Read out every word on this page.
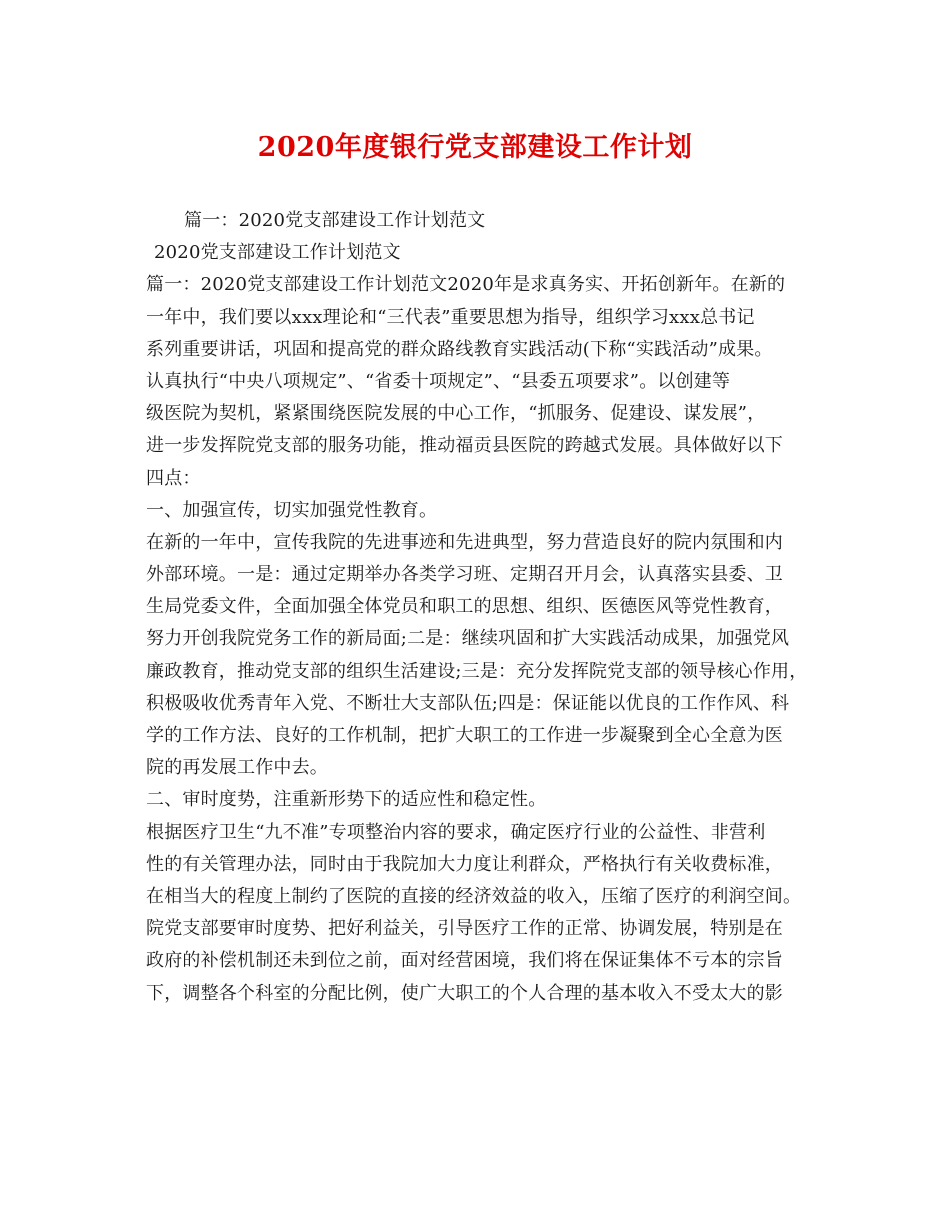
2020年度银行党支部建设工作计划
篇一：2020党支部建设工作计划范文
2020党支部建设工作计划范文
篇一：2020党支部建设工作计划范文2020年是求真务实、开拓创新年。在新的
一年中，我们要以xxx理论和“三代表”重要思想为指导，组织学习xxx总书记
系列重要讲话，巩固和提高党的群众路线教育实践活动(下称“实践活动”成果。
认真执行“中央八项规定”、“省委十项规定”、“县委五项要求”。以创建等
级医院为契机，紧紧围绕医院发展的中心工作，“抓服务、促建设、谋发展”，
进一步发挥院党支部的服务功能，推动福贡县医院的跨越式发展。具体做好以下
四点：
一、加强宣传，切实加强党性教育。
在新的一年中，宣传我院的先进事迹和先进典型，努力营造良好的院内氛围和内
外部环境。一是：通过定期举办各类学习班、定期召开月会，认真落实县委、卫
生局党委文件，全面加强全体党员和职工的思想、组织、医德医风等党性教育，
努力开创我院党务工作的新局面;二是：继续巩固和扩大实践活动成果，加强党风
廉政教育，推动党支部的组织生活建设;三是：充分发挥院党支部的领导核心作用，
积极吸收优秀青年入党、不断壮大支部队伍;四是：保证能以优良的工作作风、科
学的工作方法、良好的工作机制，把扩大职工的工作进一步凝聚到全心全意为医
院的再发展工作中去。
二、审时度势，注重新形势下的适应性和稳定性。
根据医疗卫生“九不准”专项整治内容的要求，确定医疗行业的公益性、非营利
性的有关管理办法，同时由于我院加大力度让利群众，严格执行有关收费标准，
在相当大的程度上制约了医院的直接的经济效益的收入，压缩了医疗的利润空间。
院党支部要审时度势、把好利益关，引导医疗工作的正常、协调发展，特别是在
政府的补偿机制还未到位之前，面对经营困境，我们将在保证集体不亏本的宗旨
下，调整各个科室的分配比例，使广大职工的个人合理的基本收入不受太大的影
